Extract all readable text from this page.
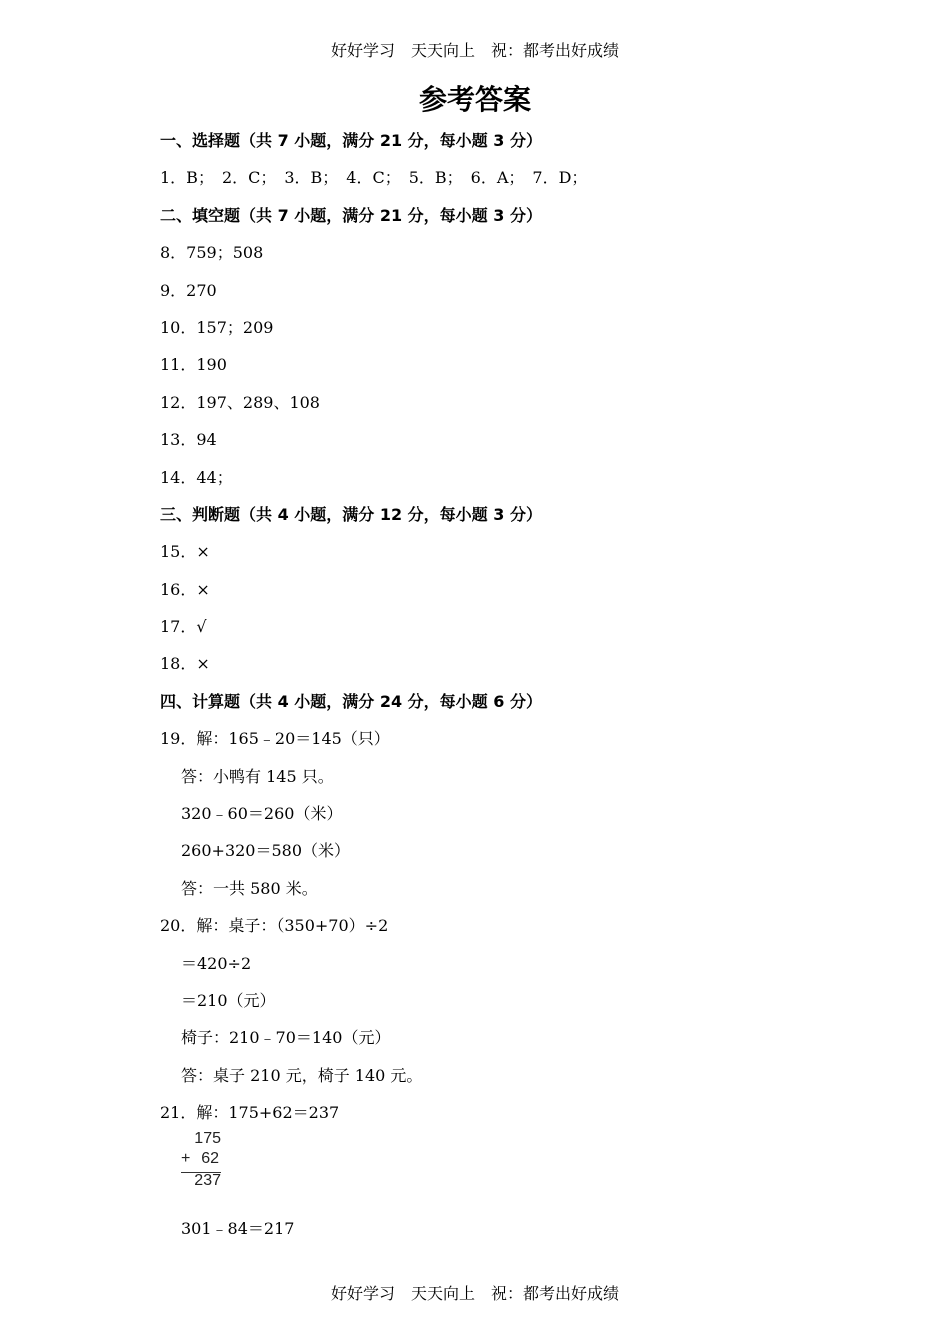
好好学习　天天向上　祝：都考出好成绩
参考答案
一、选择题（共 7 小题，满分 21 分，每小题 3 分）
1．B；　2．C；　3．B；　4．C；　5．B；　6．A；　7．D；
二、填空题（共 7 小题，满分 21 分，每小题 3 分）
8．759；508
9．270
10．157；209
11．190
12．197、289、108
13．94
14．44；
三、判断题（共 4 小题，满分 12 分，每小题 3 分）
15．×
16．×
17．√
18．×
四、计算题（共 4 小题，满分 24 分，每小题 6 分）
19．解：165﹣20＝145（只）
答：小鸭有 145 只。
320﹣60＝260（米）
260+320＝580（米）
答：一共 580 米。
20．解：桌子：（350+70）÷2
＝420÷2
＝210（元）
椅子：210﹣70＝140（元）
答：桌子 210 元，椅子 140 元。
21．解：175+62＝237
175
+ 62
237
301﹣84＝217
好好学习　天天向上　祝：都考出好成绩
